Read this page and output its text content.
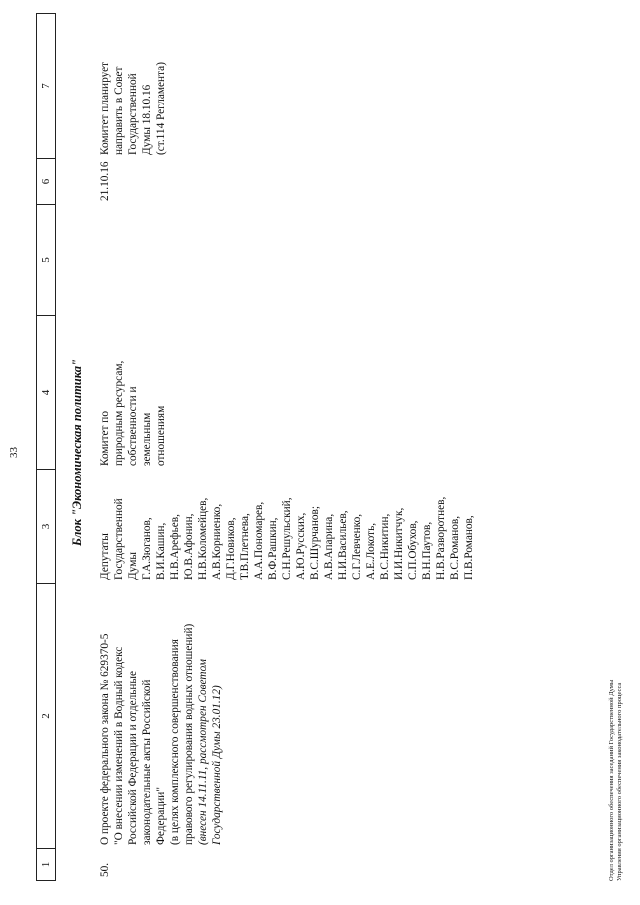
33
1
2
3
4
5
6
7
Блок "Экономическая политика"
50.
О проекте федерального закона № 629370-5 "О внесении изменений в Водный кодекс Российской Федерации и отдельные законодательные акты Российской Федерации" (в целях комплексного совершенствования правового регулирования водных отношений) (внесен 14.11.11, рассмотрен Советом Государственной Думы 23.01.12)
Депутаты Государственной Думы Г.А.Зюганов, В.И.Кашин, Н.В.Арефьев, Ю.В.Афонин, Н.В.Коломейцев, А.В.Корниенко, Д.Г.Новиков, Т.В.Плетнева, А.А.Пономарев, В.Ф.Рашкин, С.Н.Решульский, А.Ю.Русских, В.С.Шурчанов; А.В.Апарина, Н.И.Васильев, С.Г.Левченко, А.Е.Локоть, В.С.Никитин, И.И.Никитчук, С.П.Обухов, В.Н.Паутов, Н.В.Разворотнев, В.С.Романов, П.В.Романов,
Комитет по природным ресурсам, собственности и земельным отношениям
21.10.16
Комитет планирует направить в Совет Государственной Думы 18.10.16 (ст.114 Регламента)
Отдел организационного обеспечения заседаний Государственной Думы Управления организационного обеспечения законодательного процесса
